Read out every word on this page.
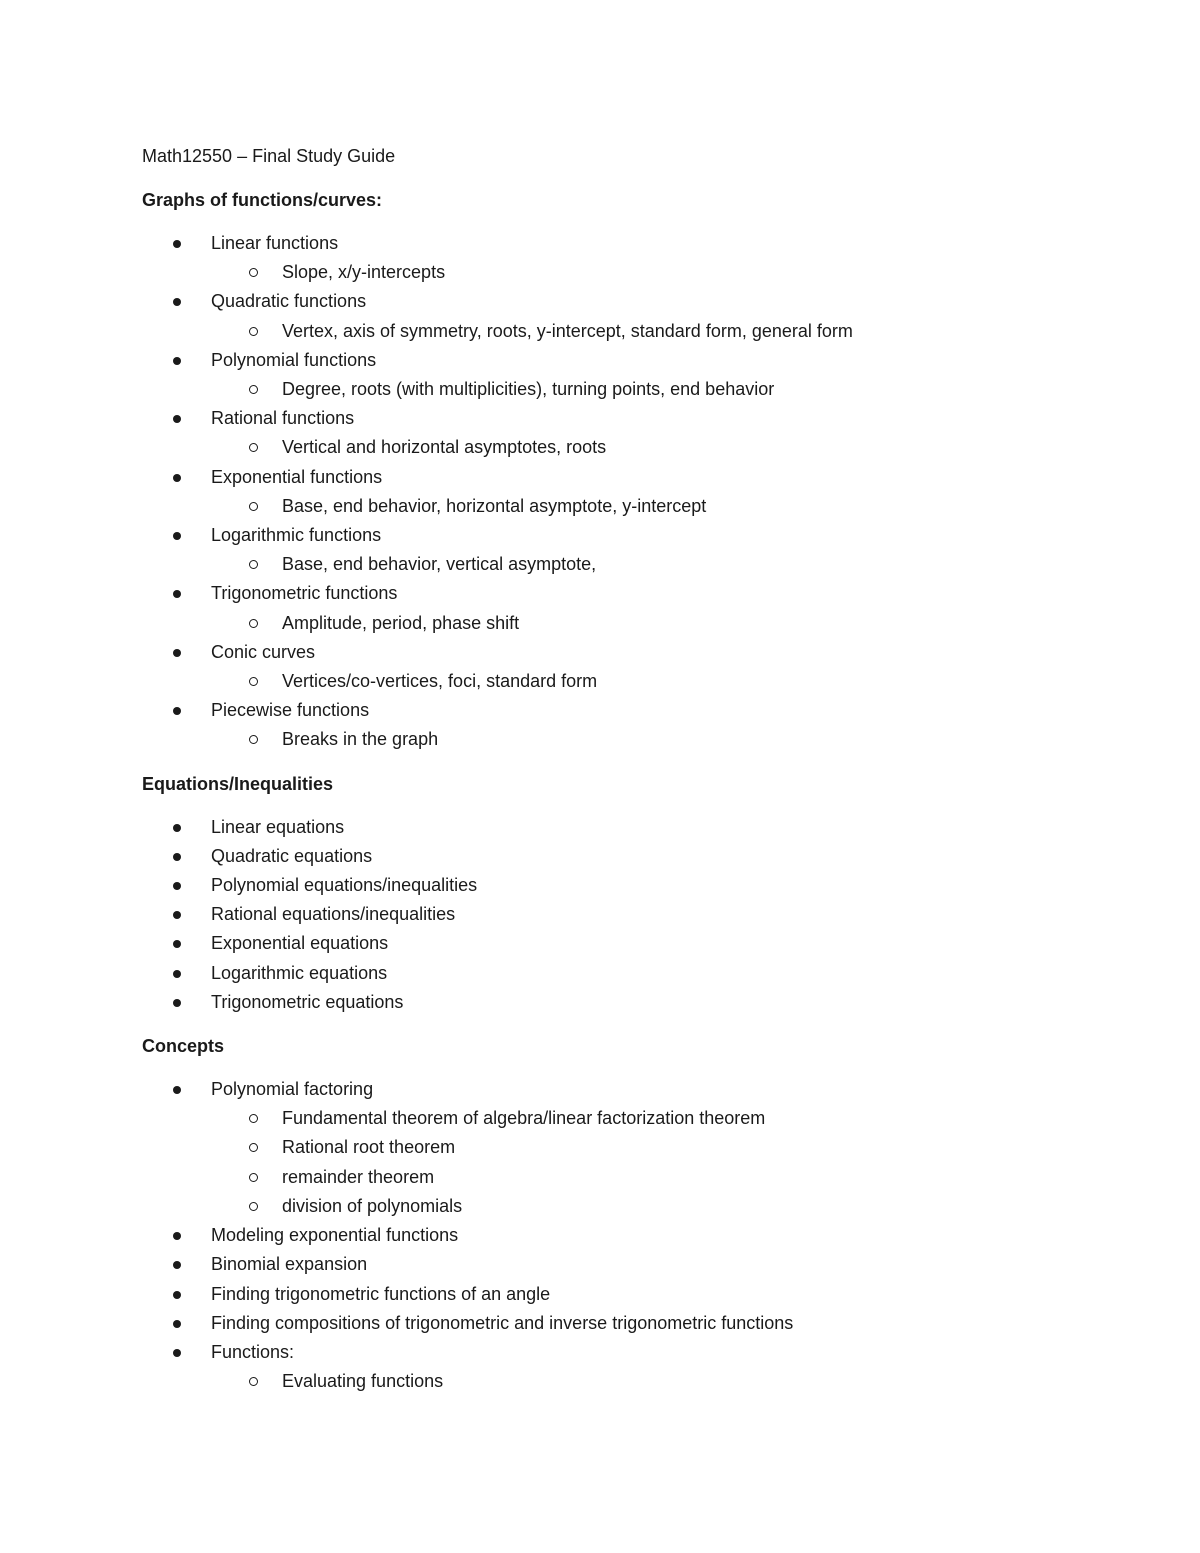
Math12550 – Final Study Guide
Graphs of functions/curves:
Linear functions
Slope, x/y-intercepts
Quadratic functions
Vertex, axis of symmetry, roots, y-intercept, standard form, general form
Polynomial functions
Degree, roots (with multiplicities), turning points, end behavior
Rational functions
Vertical and horizontal asymptotes, roots
Exponential functions
Base, end behavior, horizontal asymptote, y-intercept
Logarithmic functions
Base, end behavior, vertical asymptote,
Trigonometric functions
Amplitude, period, phase shift
Conic curves
Vertices/co-vertices, foci, standard form
Piecewise functions
Breaks in the graph
Equations/Inequalities
Linear equations
Quadratic equations
Polynomial equations/inequalities
Rational equations/inequalities
Exponential equations
Logarithmic equations
Trigonometric equations
Concepts
Polynomial factoring
Fundamental theorem of algebra/linear factorization theorem
Rational root theorem
remainder theorem
division of polynomials
Modeling exponential functions
Binomial expansion
Finding trigonometric functions of an angle
Finding compositions of trigonometric and inverse trigonometric functions
Functions:
Evaluating functions
